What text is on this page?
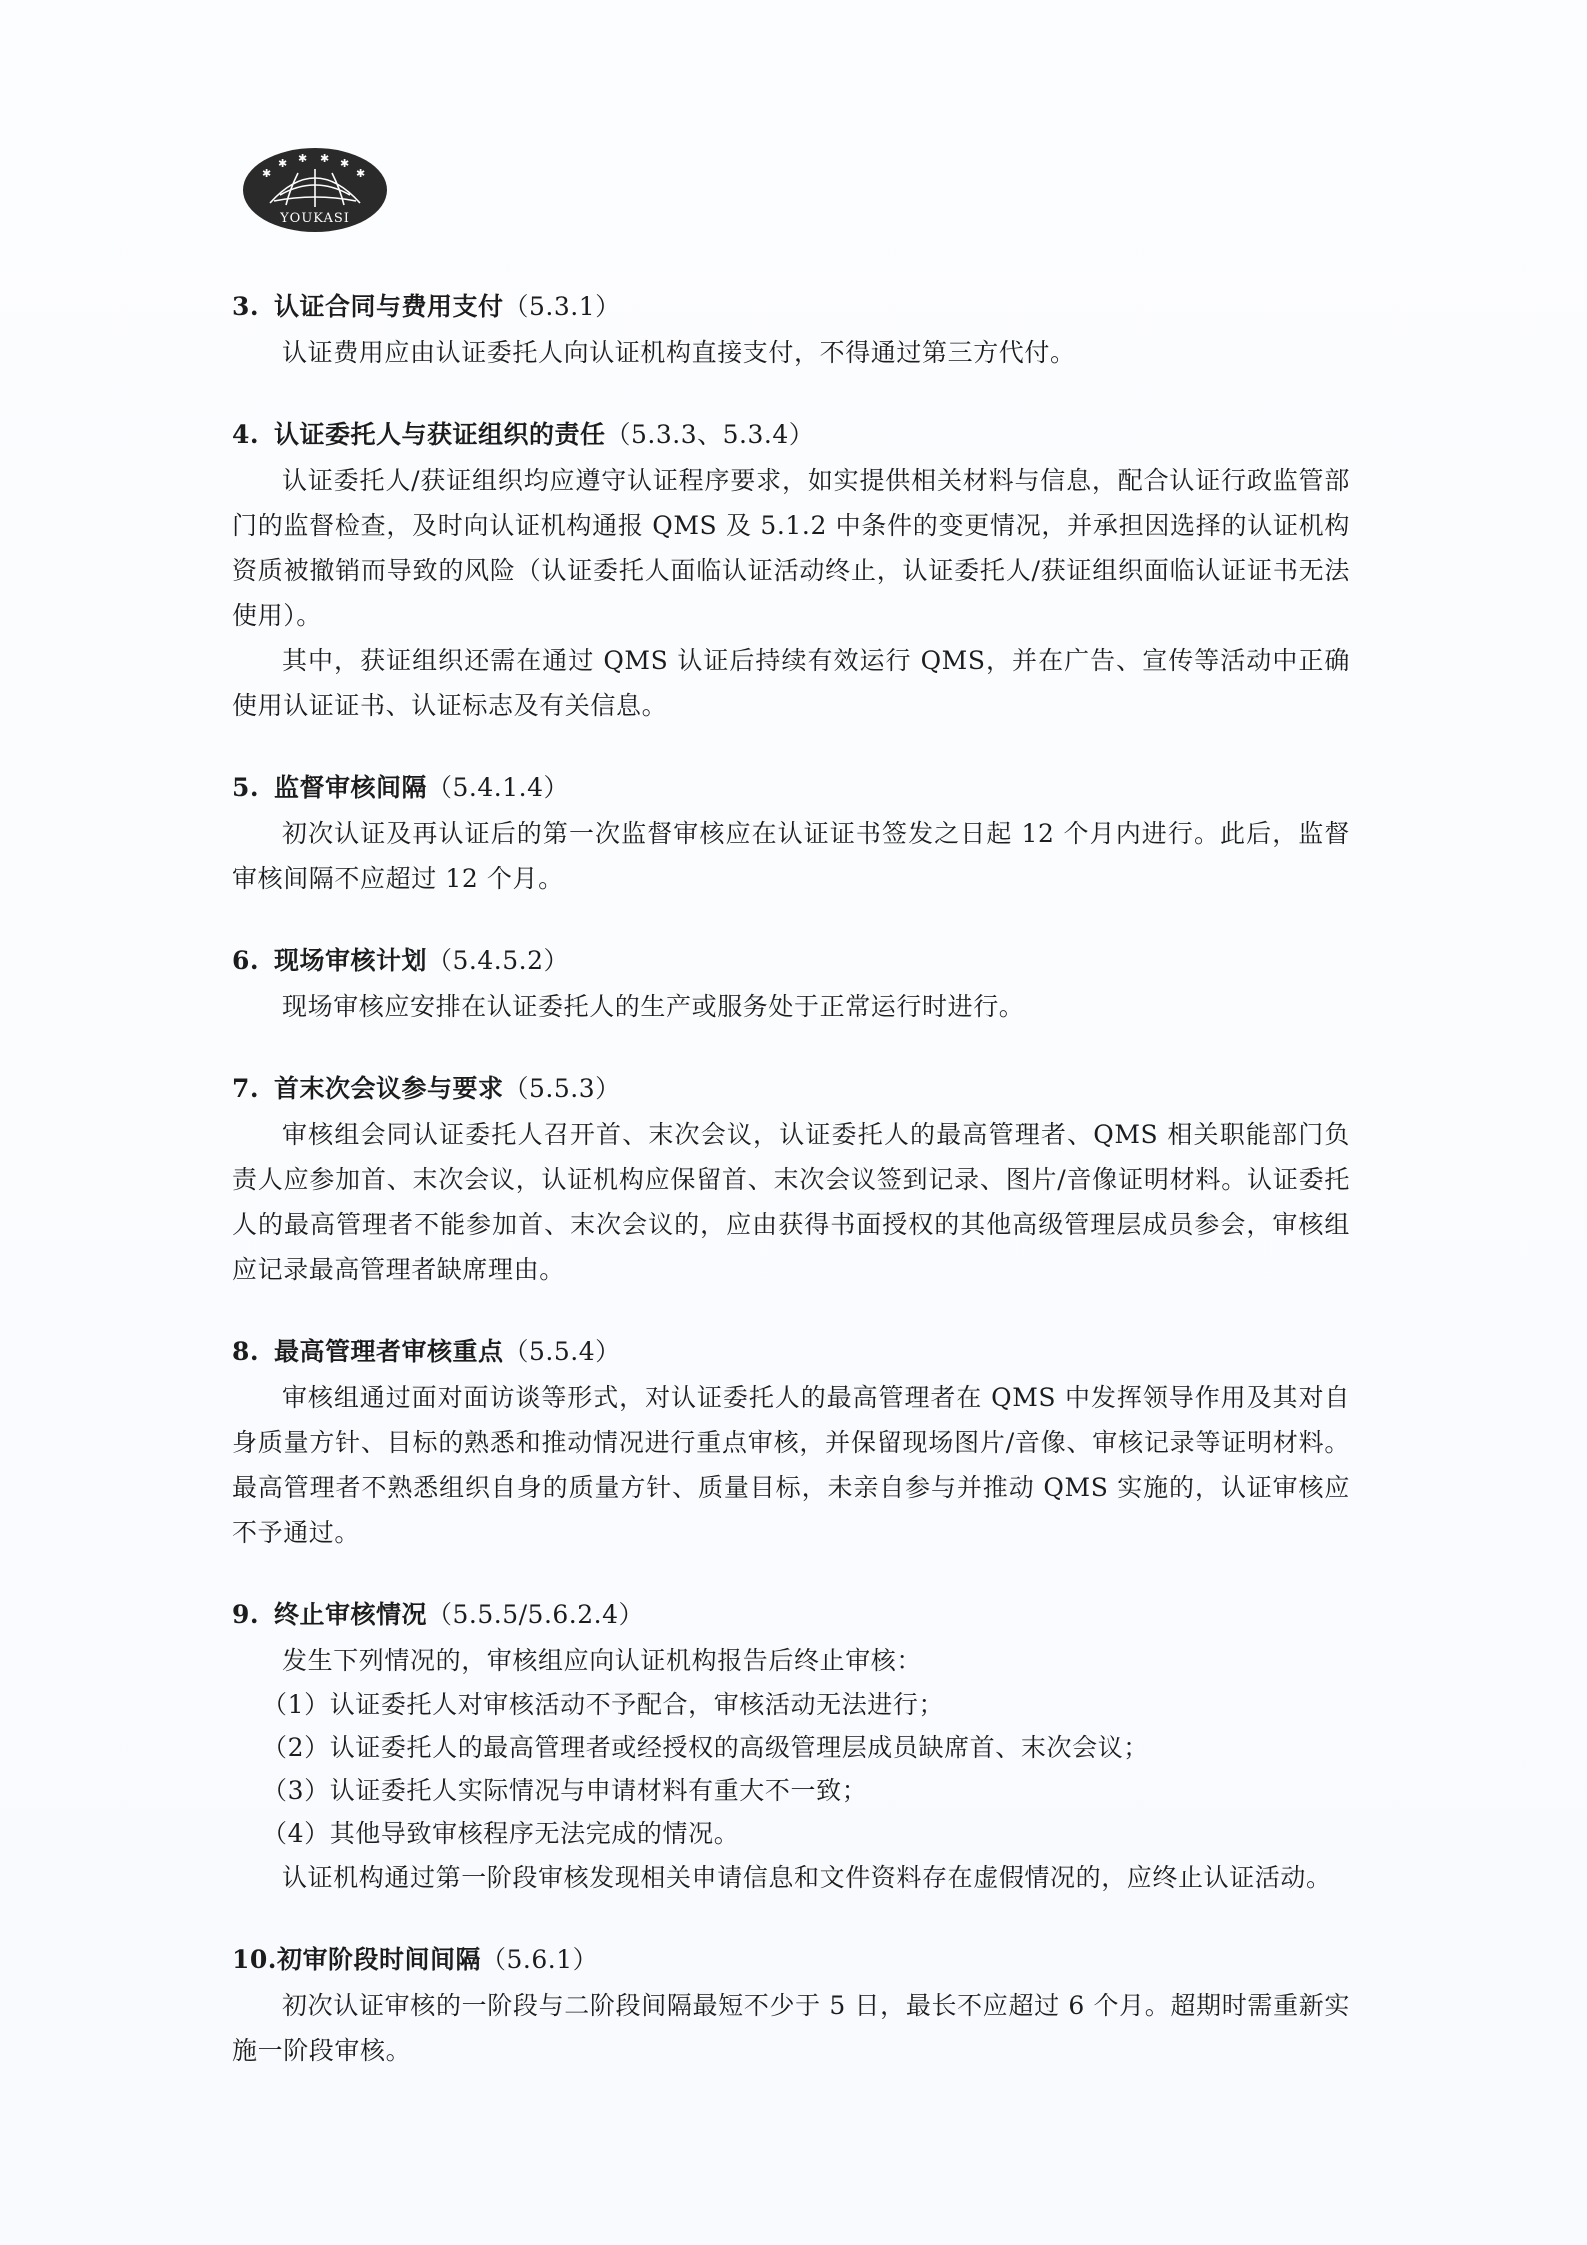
✱
✱ ✱ ✱ ✱
✱
YOUKASI
3. 认证合同与费用支付 （5.3.1）

认证费用应由认证委托人向认证机构直接支付，不得通过第三方代付。

4. 认证委托人与获证组织的责任 （5.3.3、5.3.4）

认证委托人/获证组织均应遵守认证程序要求，如实提供相关材料与信息，配合认证行政监管部门的监督检查，及时向认证机构通报 QMS 及 5.1.2 中条件的变更情况，并承担因选择的认证机构资质被撤销而导致的风险（认证委托人面临认证活动终止，认证委托人/获证组织面临认证证书无法使用）。

其中，获证组织还需在通过 QMS 认证后持续有效运行 QMS，并在广告、宣传等活动中正确使用认证证书、认证标志及有关信息。

5. 监督审核间隔 （5.4.1.4）

初次认证及再认证后的第一次监督审核应在认证证书签发之日起 12 个月内进行。此后，监督审核间隔不应超过 12 个月。

6. 现场审核计划 （5.4.5.2）

现场审核应安排在认证委托人的生产或服务处于正常运行时进行。

7. 首末次会议参与要求 （5.5.3）

审核组会同认证委托人召开首、末次会议，认证委托人的最高管理者、QMS 相关职能部门负责人应参加首、末次会议，认证机构应保留首、末次会议签到记录、图片/音像证明材料。认证委托人的最高管理者不能参加首、末次会议的，应由获得书面授权的其他高级管理层成员参会，审核组应记录最高管理者缺席理由。

8. 最高管理者审核重点 （5.5.4）

审核组通过面对面访谈等形式，对认证委托人的最高管理者在 QMS 中发挥领导作用及其对自身质量方针、目标的熟悉和推动情况进行重点审核，并保留现场图片/音像、审核记录等证明材料。最高管理者不熟悉组织自身的质量方针、质量目标，未亲自参与并推动 QMS 实施的，认证审核应不予通过。

9. 终止审核情况 （5.5.5/5.6.2.4）

发生下列情况的，审核组应向认证机构报告后终止审核：

（1）认证委托人对审核活动不予配合，审核活动无法进行；

（2）认证委托人的最高管理者或经授权的高级管理层成员缺席首、末次会议；

（3）认证委托人实际情况与申请材料有重大不一致；

（4）其他导致审核程序无法完成的情况。

认证机构通过第一阶段审核发现相关申请信息和文件资料存在虚假情况的，应终止认证活动。

10. 初审阶段时间间隔 （5.6.1）

初次认证审核的一阶段与二阶段间隔最短不少于 5 日，最长不应超过 6 个月。超期时需重新实施一阶段审核。
